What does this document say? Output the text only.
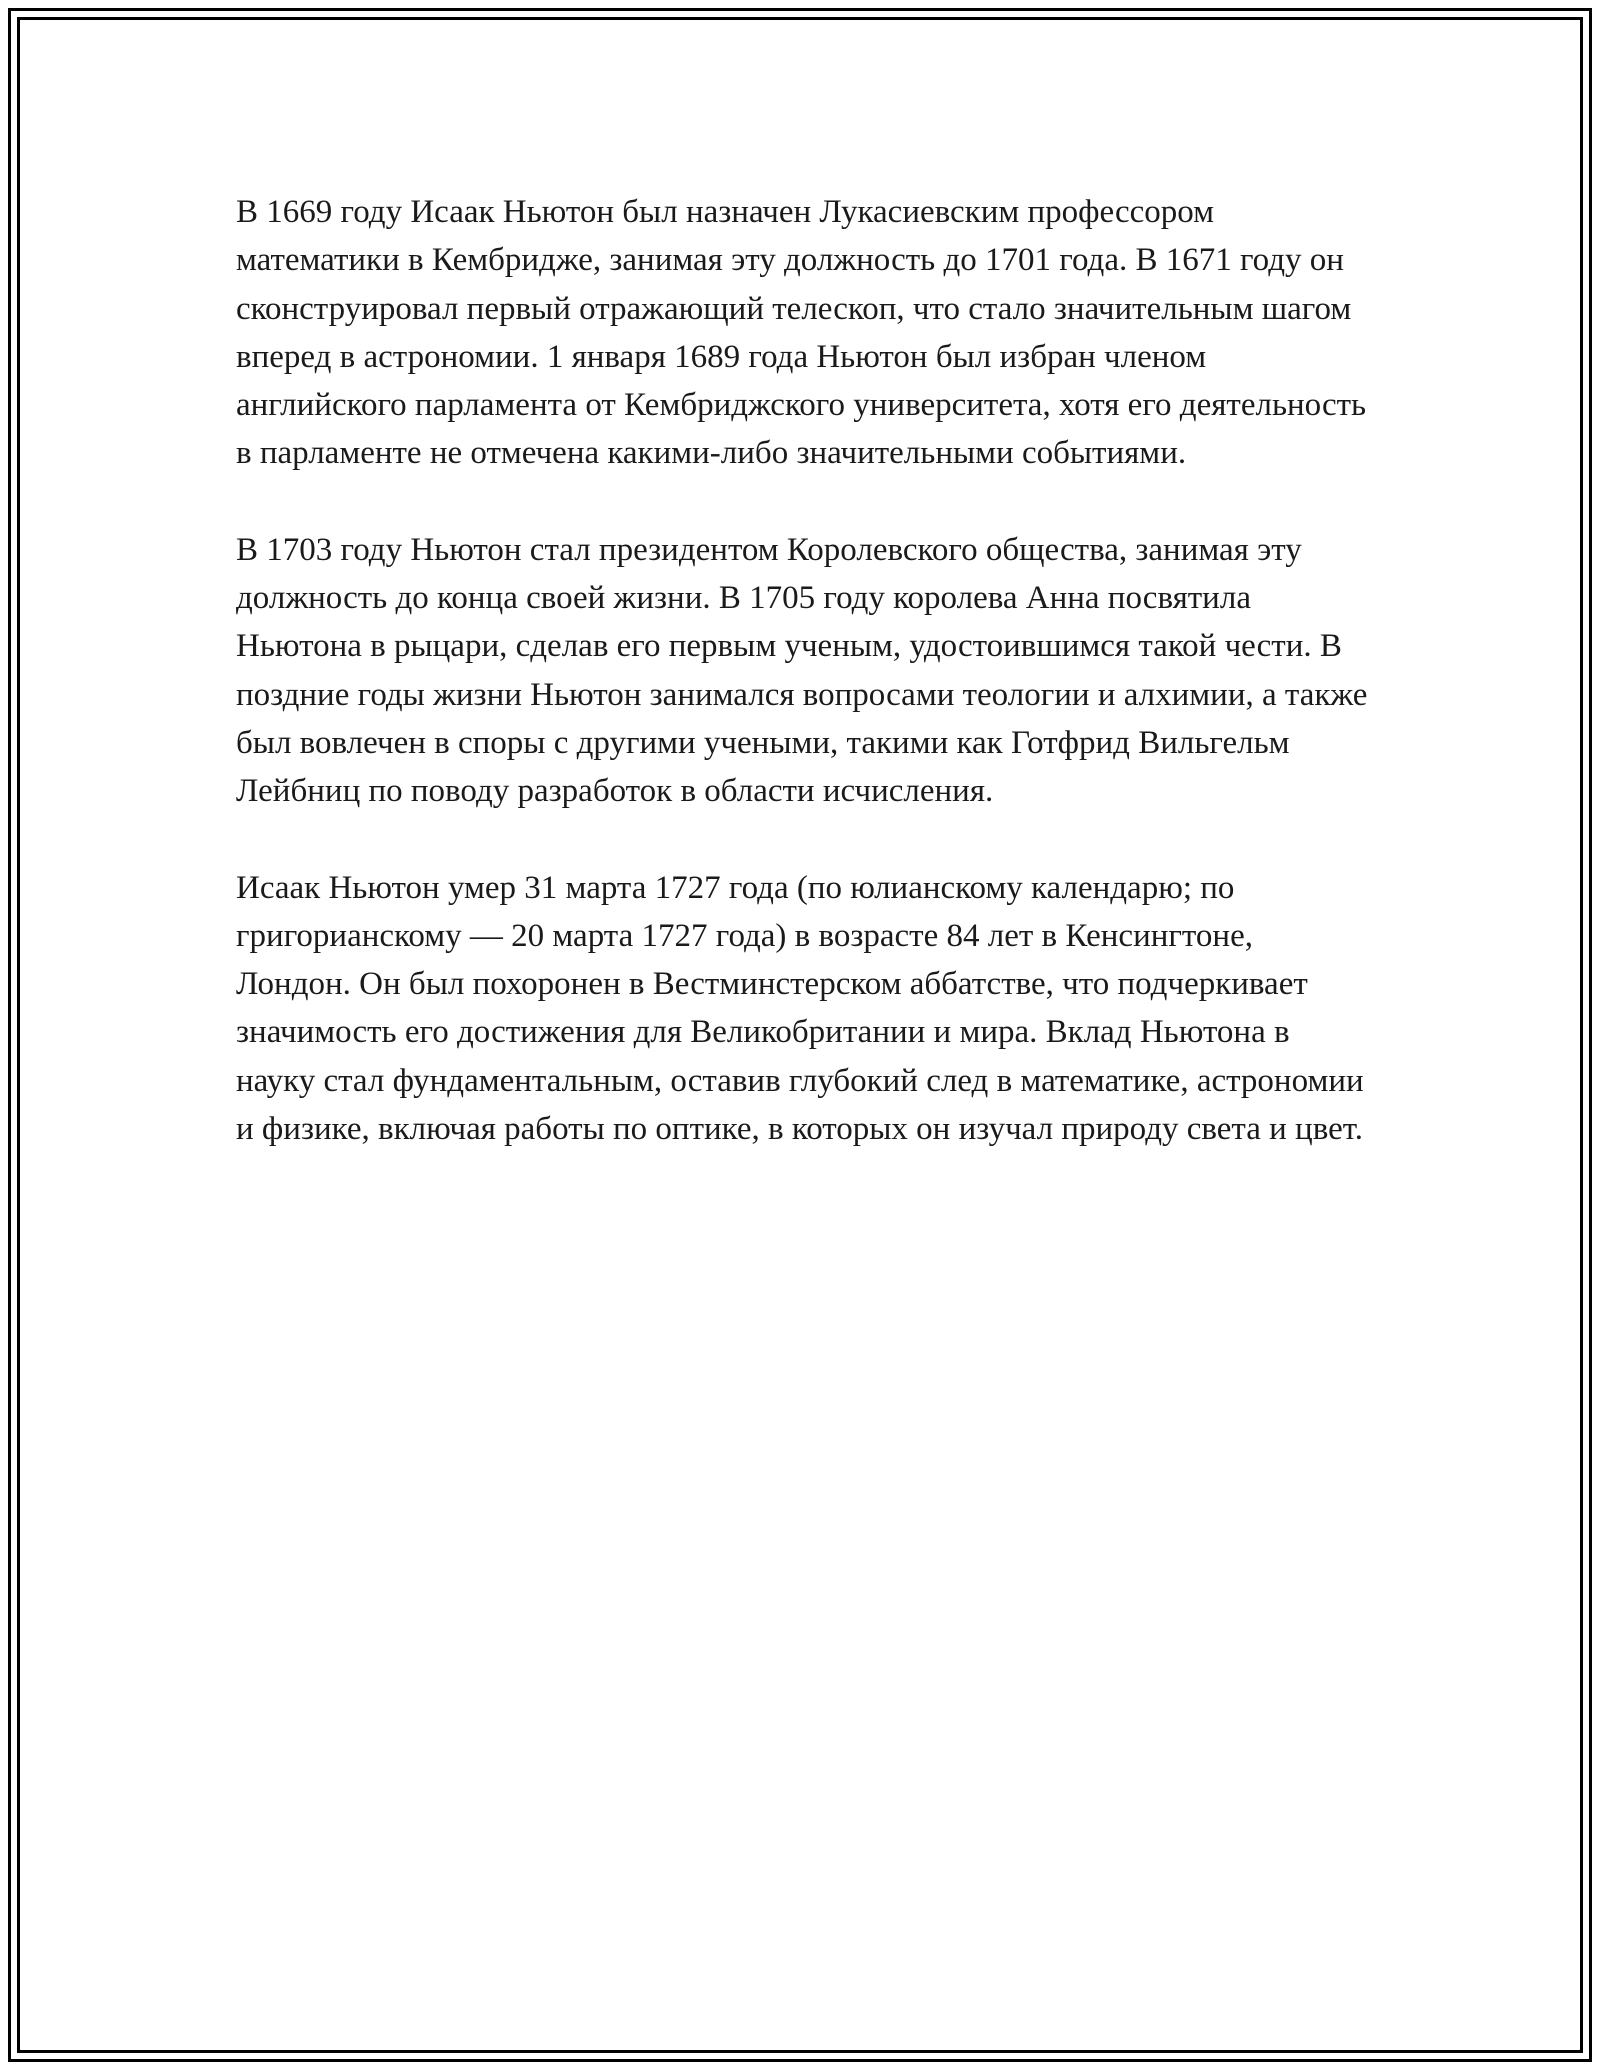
В 1669 году Исаак Ньютон был назначен Лукасиевским профессором математики в Кембридже, занимая эту должность до 1701 года. В 1671 году он сконструировал первый отражающий телескоп, что стало значительным шагом вперед в астрономии. 1 января 1689 года Ньютон был избран членом английского парламента от Кембриджского университета, хотя его деятельность в парламенте не отмечена какими-либо значительными событиями.

В 1703 году Ньютон стал президентом Королевского общества, занимая эту должность до конца своей жизни. В 1705 году королева Анна посвятила Ньютона в рыцари, сделав его первым ученым, удостоившимся такой чести. В поздние годы жизни Ньютон занимался вопросами теологии и алхимии, а также был вовлечен в споры с другими учеными, такими как Готфрид Вильгельм Лейбниц по поводу разработок в области исчисления.

Исаак Ньютон умер 31 марта 1727 года (по юлианскому календарю; по григорианскому — 20 марта 1727 года) в возрасте 84 лет в Кенсингтоне, Лондон. Он был похоронен в Вестминстерском аббатстве, что подчеркивает значимость его достижения для Великобритании и мира. Вклад Ньютона в науку стал фундаментальным, оставив глубокий след в математике, астрономии и физике, включая работы по оптике, в которых он изучал природу света и цвет.
